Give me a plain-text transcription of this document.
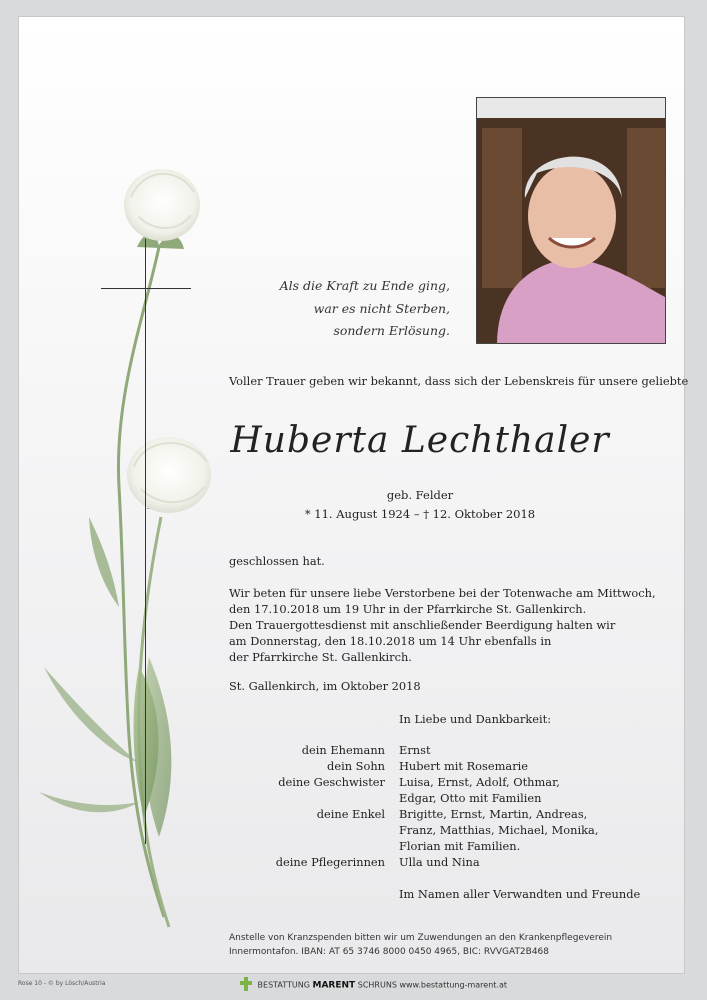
Als die Kraft zu Ende ging,
war es nicht Sterben,
sondern Erlösung.
Voller Trauer geben wir bekannt, dass sich der Lebenskreis für unsere geliebte
Huberta Lechthaler
geb. Felder
* 11. August 1924 – † 12. Oktober 2018
geschlossen hat.
Wir beten für unsere liebe Verstorbene bei der Totenwache am Mittwoch,
den 17.10.2018 um 19 Uhr in der Pfarrkirche St. Gallenkirch.
Den Trauergottesdienst mit anschließender Beerdigung halten wir
am Donnerstag, den 18.10.2018 um 14 Uhr ebenfalls in
der Pfarrkirche St. Gallenkirch.
St. Gallenkirch, im Oktober 2018
In Liebe und Dankbarkeit:
dein Ehemann Ernst
dein Sohn Hubert mit Rosemarie
deine Geschwister Luisa, Ernst, Adolf, Othmar,
Edgar, Otto mit Familien
deine Enkel Brigitte, Ernst, Martin, Andreas,
Franz, Matthias, Michael, Monika,
Florian mit Familien.
deine Pflegerinnen Ulla und Nina
Im Namen aller Verwandten und Freunde
Anstelle von Kranzspenden bitten wir um Zuwendungen an den Krankenpflegeverein
Innermontafon. IBAN: AT 65 3746 8000 0450 4965, BIC: RVVGAT2B468
Rose 10 - © by Lösch/Austria	BESTATTUNG MARENT SCHRUNS www.bestattung-marent.at
